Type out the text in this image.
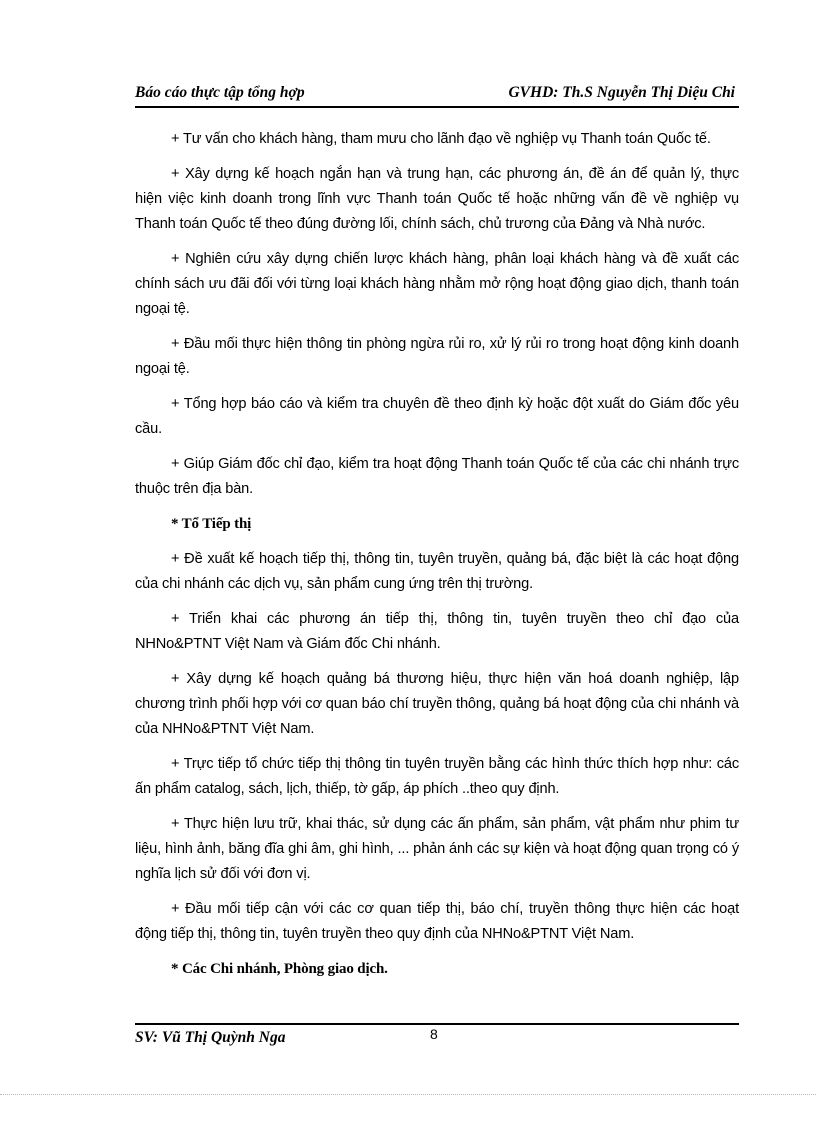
Báo cáo thực tập tổng hợp	GVHD: Th.S Nguyễn Thị Diệu Chi

+ Tư vấn cho khách hàng, tham mưu cho lãnh đạo về nghiệp vụ Thanh toán Quốc tế.

+ Xây dựng kế hoạch ngắn hạn và trung hạn, các phương án, đề án để quản lý, thực hiện việc kinh doanh trong lĩnh vực Thanh toán Quốc tế hoặc những vấn đề về nghiệp vụ Thanh toán Quốc tế theo đúng đường lối, chính sách, chủ trương của Đảng và Nhà nước.

+ Nghiên cứu xây dựng chiến lược khách hàng, phân loại khách hàng và đề xuất các chính sách ưu đãi đối với từng loại khách hàng nhằm mở rộng hoạt động giao dịch, thanh toán ngoại tệ.

+ Đầu mối thực hiện thông tin phòng ngừa rủi ro, xử lý rủi ro trong hoạt động kinh doanh ngoại tệ.

+ Tổng hợp báo cáo và kiểm tra chuyên đề theo định kỳ hoặc đột xuất do Giám đốc yêu cầu.

+ Giúp Giám đốc chỉ đạo, kiểm tra hoạt động Thanh toán Quốc tế của các chi nhánh trực thuộc trên địa bàn.

* Tổ Tiếp thị

+ Đề xuất kế hoạch tiếp thị, thông tin, tuyên truyền, quảng bá, đặc biệt là các hoạt động của chi nhánh các dịch vụ, sản phẩm cung ứng trên thị trường.

+ Triển khai các phương án tiếp thị, thông tin, tuyên truyền theo chỉ đạo của NHNo&PTNT Việt Nam và Giám đốc Chi nhánh.

+ Xây dựng kế hoạch quảng bá thương hiệu, thực hiện văn hoá doanh nghiệp, lập chương trình phối hợp với cơ quan báo chí truyền thông, quảng bá hoạt động của chi nhánh và của NHNo&PTNT Việt Nam.

+ Trực tiếp tổ chức tiếp thị thông tin tuyên truyền bằng các hình thức thích hợp như: các ấn phẩm catalog, sách, lịch, thiếp, tờ gấp, áp phích ..theo quy định.

+ Thực hiện lưu trữ, khai thác, sử dụng các ấn phẩm, sản phẩm, vật phẩm như phim tư liệu, hình ảnh, băng đĩa ghi âm, ghi hình, ... phản ánh các sự kiện và hoạt động quan trọng có ý nghĩa lịch sử đối với đơn vị.

+ Đầu mối tiếp cận với các cơ quan tiếp thị, báo chí, truyền thông thực hiện các hoạt động tiếp thị, thông tin, tuyên truyền theo quy định của NHNo&PTNT Việt Nam.

* Các Chi nhánh, Phòng giao dịch.

SV: Vũ Thị Quỳnh Nga	8
